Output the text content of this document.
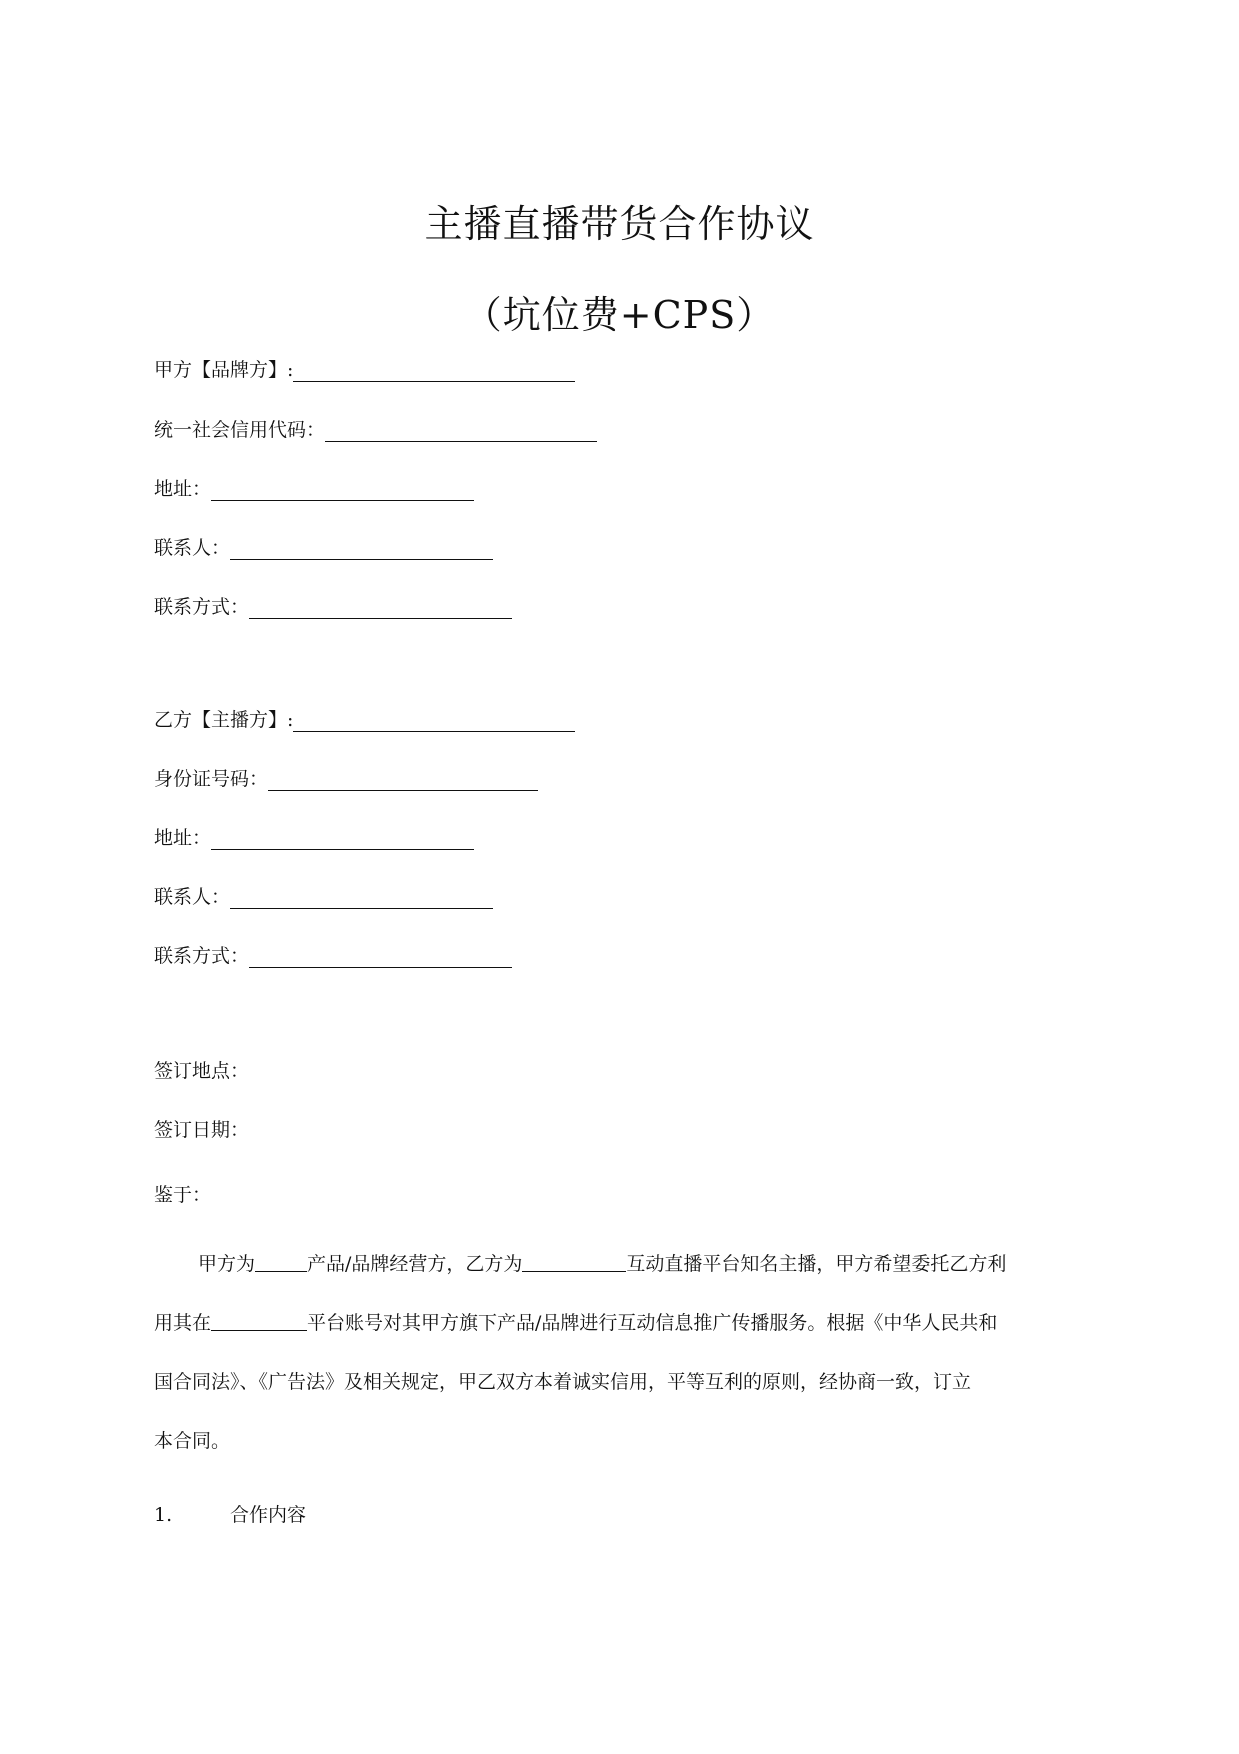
主播直播带货合作协议
（坑位费+CPS）
甲方【品牌方】:
统一社会信用代码：
地址：
联系人：
联系方式：
乙方【主播方】:
身份证号码：
地址：
联系人：
联系方式：
签订地点：
签订日期：
鉴于：
甲方为	产品/品牌经营方，乙方为	互动直播平台知名主播，甲方希望委托乙方利
用其在	平台账号对其甲方旗下产品/品牌进行互动信息推广传播服务。根据《中华人民共和
国合同法》、《广告法》及相关规定，甲乙双方本着诚实信用，平等互利的原则，经协商一致，订立
本合同。
1.	合作内容
